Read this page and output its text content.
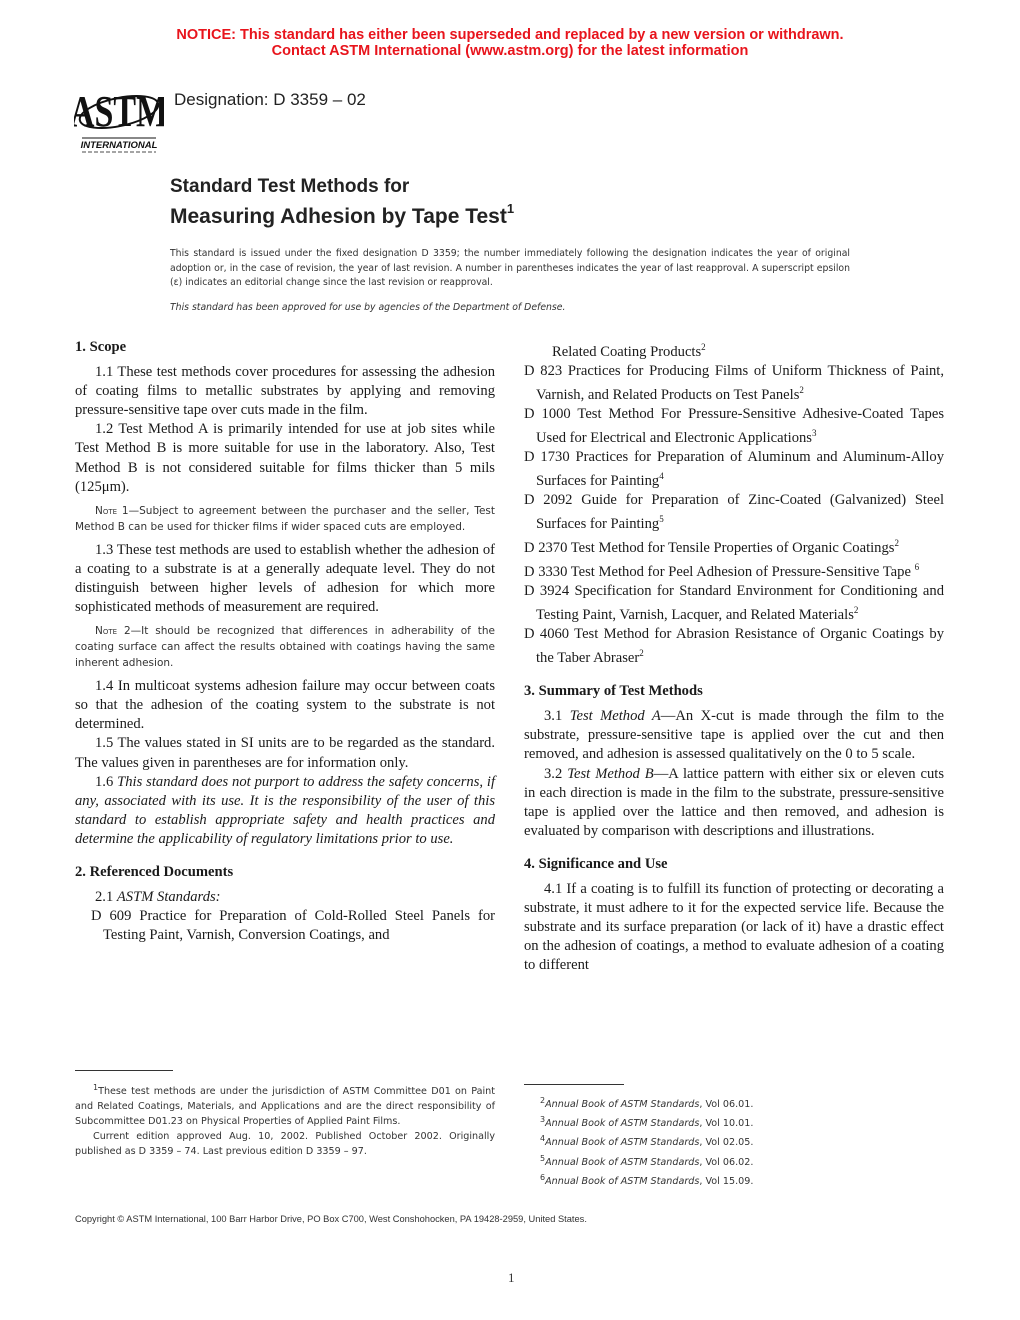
NOTICE: This standard has either been superseded and replaced by a new version or withdrawn.
Contact ASTM International (www.astm.org) for the latest information
ASTM
INTERNATIONAL
Designation: D 3359 – 02
Standard Test Methods for
Measuring Adhesion by Tape Test$^1$
This standard is issued under the fixed designation D 3359; the number immediately following the designation indicates the year of original adoption or, in the case of revision, the year of last revision. A number in parentheses indicates the year of last reapproval. A superscript epsilon (ε) indicates an editorial change since the last revision or reapproval.
This standard has been approved for use by agencies of the Department of Defense.
1. Scope

1.1 These test methods cover procedures for assessing the adhesion of coating films to metallic substrates by applying and removing pressure-sensitive tape over cuts made in the film.

1.2 Test Method A is primarily intended for use at job sites while Test Method B is more suitable for use in the laboratory. Also, Test Method B is not considered suitable for films thicker than 5 mils (125μm).

Note 1—Subject to agreement between the purchaser and the seller, Test Method B can be used for thicker films if wider spaced cuts are employed.

1.3 These test methods are used to establish whether the adhesion of a coating to a substrate is at a generally adequate level. They do not distinguish between higher levels of adhesion for which more sophisticated methods of measurement are required.

Note 2—It should be recognized that differences in adherability of the coating surface can affect the results obtained with coatings having the same inherent adhesion.

1.4 In multicoat systems adhesion failure may occur between coats so that the adhesion of the coating system to the substrate is not determined.

1.5 The values stated in SI units are to be regarded as the standard. The values given in parentheses are for information only.

1.6 This standard does not purport to address the safety concerns, if any, associated with its use. It is the responsibility of the user of this standard to establish appropriate safety and health practices and determine the applicability of regulatory limitations prior to use.

2. Referenced Documents

2.1 ASTM Standards:

D 609 Practice for Preparation of Cold-Rolled Steel Panels for Testing Paint, Varnish, Conversion Coatings, and

Related Coating Products$^2$

D 823 Practices for Producing Films of Uniform Thickness of Paint, Varnish, and Related Products on Test Panels$^2$

D 1000 Test Method For Pressure-Sensitive Adhesive-Coated Tapes Used for Electrical and Electronic Applications$^3$

D 1730 Practices for Preparation of Aluminum and Aluminum-Alloy Surfaces for Painting$^4$

D 2092 Guide for Preparation of Zinc-Coated (Galvanized) Steel Surfaces for Painting$^5$

D 2370 Test Method for Tensile Properties of Organic Coatings$^2$

D 3330 Test Method for Peel Adhesion of Pressure-Sensitive Tape $^6$

D 3924 Specification for Standard Environment for Conditioning and Testing Paint, Varnish, Lacquer, and Related Materials$^2$

D 4060 Test Method for Abrasion Resistance of Organic Coatings by the Taber Abraser$^2$

3. Summary of Test Methods

3.1 Test Method A—An X-cut is made through the film to the substrate, pressure-sensitive tape is applied over the cut and then removed, and adhesion is assessed qualitatively on the 0 to 5 scale.

3.2 Test Method B—A lattice pattern with either six or eleven cuts in each direction is made in the film to the substrate, pressure-sensitive tape is applied over the lattice and then removed, and adhesion is evaluated by comparison with descriptions and illustrations.

4. Significance and Use

4.1 If a coating is to fulfill its function of protecting or decorating a substrate, it must adhere to it for the expected service life. Because the substrate and its surface preparation (or lack of it) have a drastic effect on the adhesion of coatings, a method to evaluate adhesion of a coating to different

$^1$These test methods are under the jurisdiction of ASTM Committee D01 on Paint and Related Coatings, Materials, and Applications and are the direct responsibility of Subcommittee D01.23 on Physical Properties of Applied Paint Films.

Current edition approved Aug. 10, 2002. Published October 2002. Originally published as D 3359 – 74. Last previous edition D 3359 – 97.

$^2$Annual Book of ASTM Standards, Vol 06.01.
$^3$Annual Book of ASTM Standards, Vol 10.01.
$^4$Annual Book of ASTM Standards, Vol 02.05.
$^5$Annual Book of ASTM Standards, Vol 06.02.
$^6$Annual Book of ASTM Standards, Vol 15.09.
Copyright © ASTM International, 100 Barr Harbor Drive, PO Box C700, West Conshohocken, PA 19428-2959, United States.
1
